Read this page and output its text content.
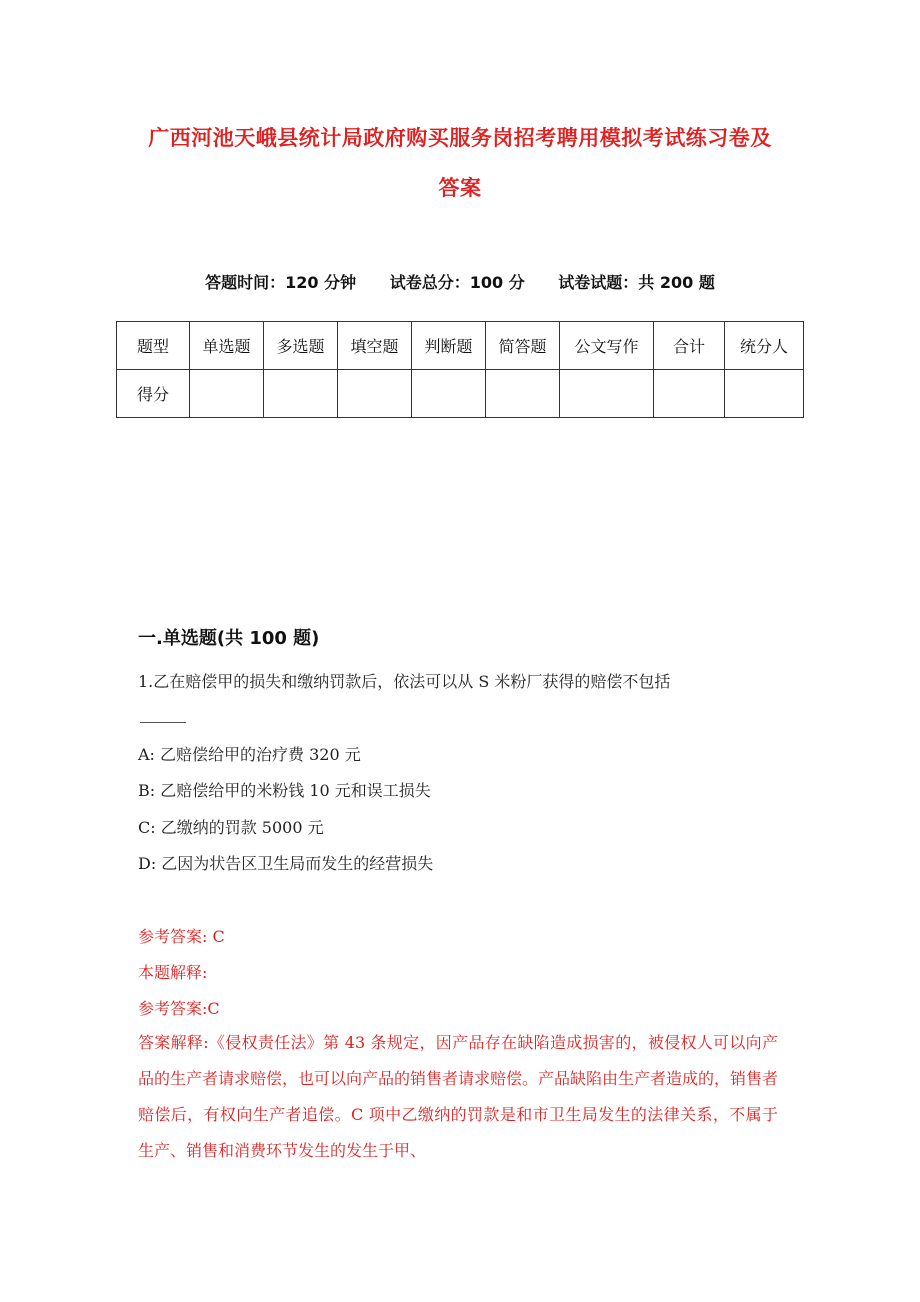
广西河池天峨县统计局政府购买服务岗招考聘用模拟考试练习卷及
答案
答题时间：120 分钟 试卷总分：100 分 试卷试题：共 200 题
题型	单选题	多选题	填空题	判断题	简答题	公文写作	合计	统分人
得分								
一.单选题(共 100 题)
1.乙在赔偿甲的损失和缴纳罚款后，依法可以从 S 米粉厂获得的赔偿不包括
A: 乙赔偿给甲的治疗费 320 元
B: 乙赔偿给甲的米粉钱 10 元和误工损失
C: 乙缴纳的罚款 5000 元
D: 乙因为状告区卫生局而发生的经营损失
参考答案: C
本题解释:
参考答案:C
答案解释:《侵权责任法》第 43 条规定，因产品存在缺陷造成损害的，被侵权人可以向产品的生产者请求赔偿，也可以向产品的销售者请求赔偿。产品缺陷由生产者造成的，销售者赔偿后，有权向生产者追偿。C 项中乙缴纳的罚款是和市卫生局发生的法律关系，不属于生产、销售和消费环节发生的发生于甲、
